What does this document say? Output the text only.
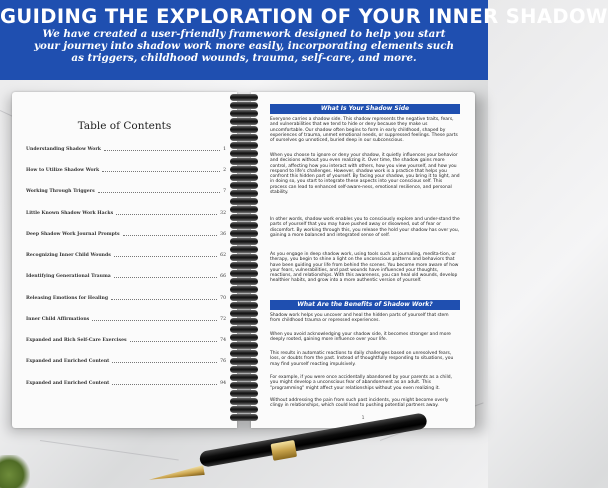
GUIDING THE EXPLORATION OF YOUR INNER SHADOW
We have created a user-friendly framework designed to help you start your journey into shadow work more easily, incorporating elements such as triggers, childhood wounds, trauma, self-care, and more.
Table of Contents
Understanding Shadow Work	1
How to Utilize Shadow Work	2
Working Through Triggers	7
Little Known Shadow Work Hacks	32
Deep Shadow Work Journal Prompts	36
Recognizing Inner Child Wounds	62
Identifying Generational Trauma	66
Releasing Emotions for Healing	70
Inner Child Affirmations	72
Expanded and Rich Self-Care Exercises	74
Expanded and Enriched Content	76
Expanded and Enriched Content	94
What Is Your Shadow Side
Everyone carries a shadow side. This shadow represents the negative traits, fears, and vulnerabilities that we tend to hide or deny because they make us uncomfortable. Our shadow often begins to form in early childhood, shaped by experiences of trauma, unmet emotional needs, or suppressed feelings. These parts of ourselves go unnoticed, buried deep in our subconscious.
When you choose to ignore or deny your shadow, it quietly influences your behavior and decisions without you even realizing it. Over time, the shadow gains more control, affecting how you interact with others, how you view yourself, and how you respond to life's challenges. However, shadow work is a practice that helps you confront this hidden part of yourself. By facing your shadow, you bring it to light, and in doing so, you start to integrate these aspects into your conscious self. This process can lead to enhanced self-aware-ness, emotional resilience, and personal stability.
In other words, shadow work enables you to consciously explore and under-stand the parts of yourself that you may have pushed away or disowned, out of fear or discomfort. By working through this, you release the hold your shadow has over you, gaining a more balanced and integrated sense of self.
As you engage in deep shadow work, using tools such as journaling, medita-tion, or therapy, you begin to shine a light on the unconscious patterns and behaviors that have been guiding your life from behind the scenes. You become more aware of how your fears, vulnerabilities, and past wounds have influenced your thoughts, reactions, and relationships. With this awareness, you can heal old wounds, develop healthier habits, and grow into a more authentic version of yourself.
What Are the Benefits of Shadow Work?
Shadow work helps you uncover and heal the hidden parts of yourself that stem from childhood trauma or repressed experiences.
When you avoid acknowledging your shadow side, it becomes stronger and more deeply rooted, gaining more influence over your life.
This results in automatic reactions to daily challenges based on unresolved fears, loss, or doubts from the past. Instead of thoughtfully responding to situations, you may find yourself reacting impulsively.
For example, if you were once accidentally abandoned by your parents as a child, you might develop a unconscious fear of abandonment as an adult. This "programming" might affect your relationships without you even realizing it.
Without addressing the pain from such past incidents, you might become overly clingy in relationships, which could lead to pushing potential partners away.
1
